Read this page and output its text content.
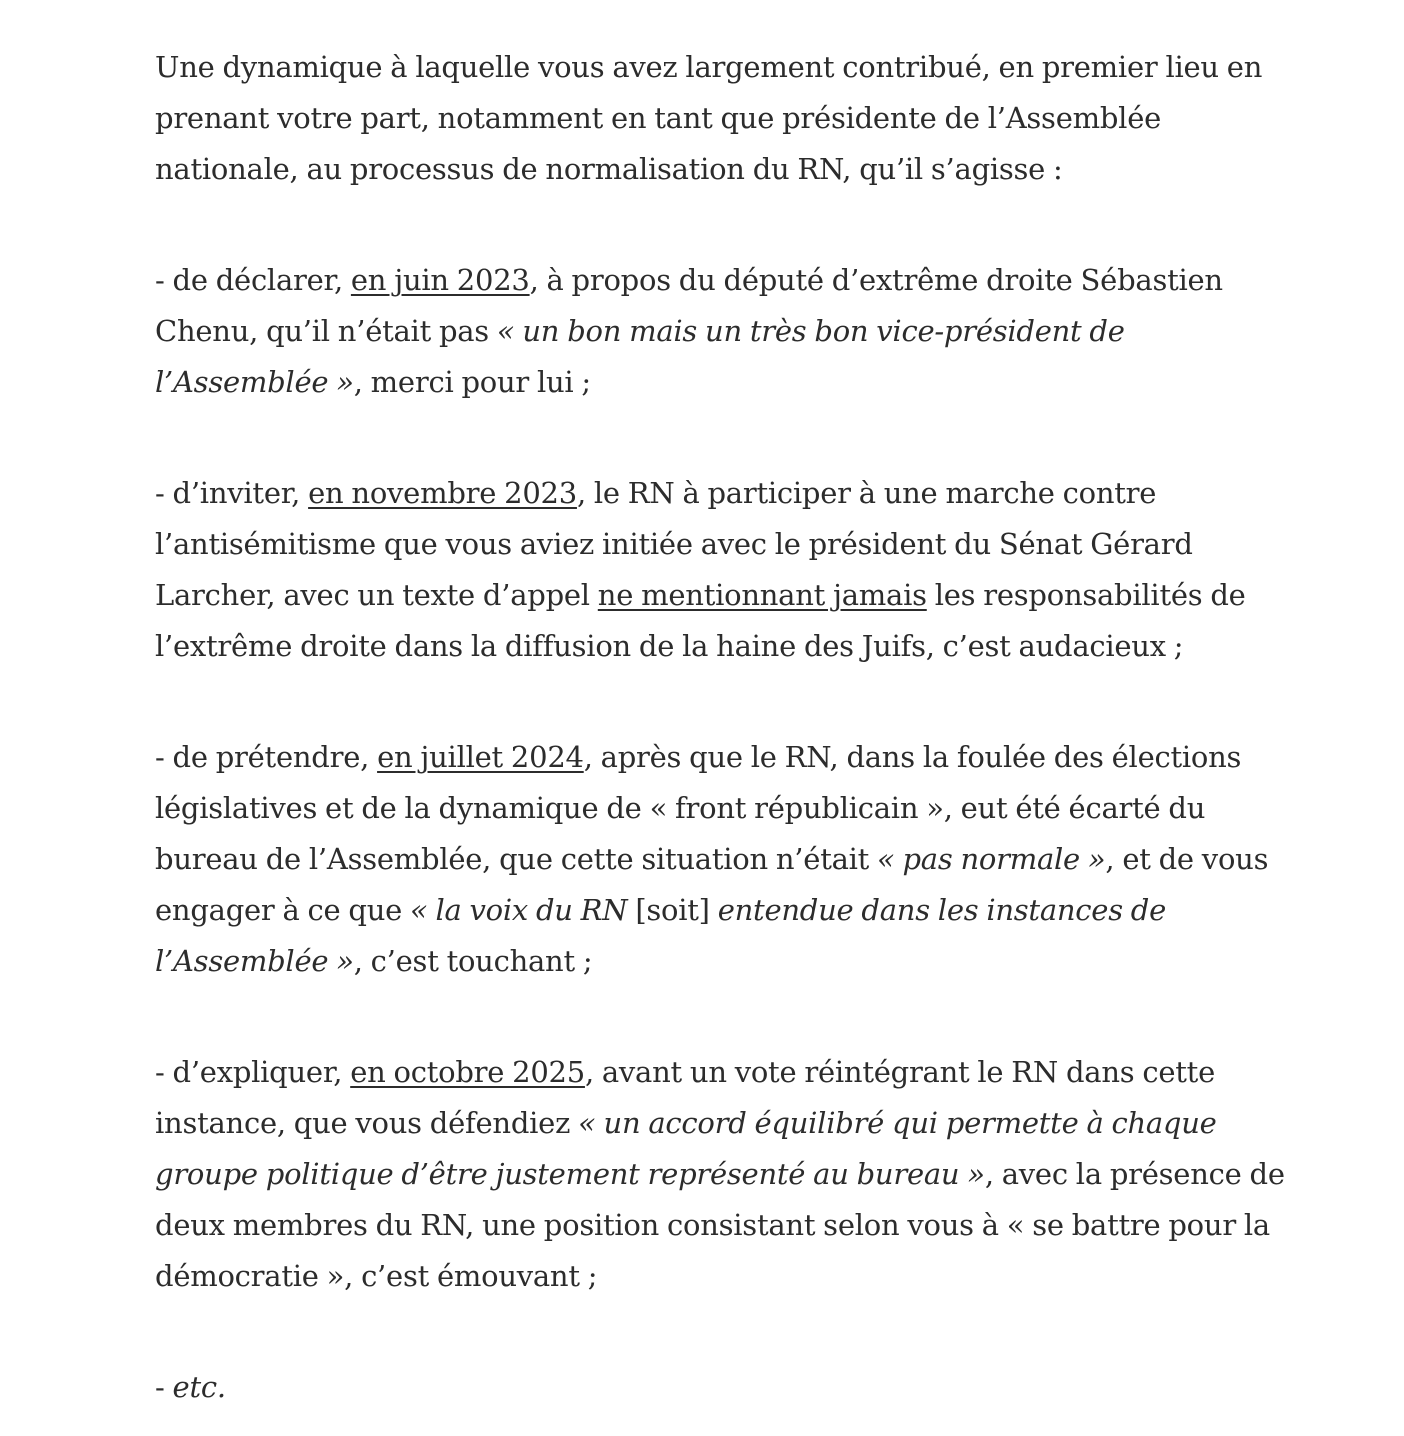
Une dynamique à laquelle vous avez largement contribué, en premier lieu en prenant votre part, notamment en tant que présidente de l’Assemblée nationale, au processus de normalisation du RN, qu’il s’agisse :

- de déclarer, en juin 2023, à propos du député d’extrême droite Sébastien Chenu, qu’il n’était pas « un bon mais un très bon vice-président de l’Assemblée », merci pour lui ;

- d’inviter, en novembre 2023, le RN à participer à une marche contre l’antisémitisme que vous aviez initiée avec le président du Sénat Gérard Larcher, avec un texte d’appel ne mentionnant jamais les responsabilités de l’extrême droite dans la diffusion de la haine des Juifs, c’est audacieux ;

- de prétendre, en juillet 2024, après que le RN, dans la foulée des élections législatives et de la dynamique de « front républicain », eut été écarté du bureau de l’Assemblée, que cette situation n’était « pas normale », et de vous engager à ce que « la voix du RN [soit] entendue dans les instances de l’Assemblée », c’est touchant ;

- d’expliquer, en octobre 2025, avant un vote réintégrant le RN dans cette instance, que vous défendiez « un accord équilibré qui permette à chaque groupe politique d’être justement représenté au bureau », avec la présence de deux membres du RN, une position consistant selon vous à « se battre pour la démocratie », c’est émouvant ;

- etc.
